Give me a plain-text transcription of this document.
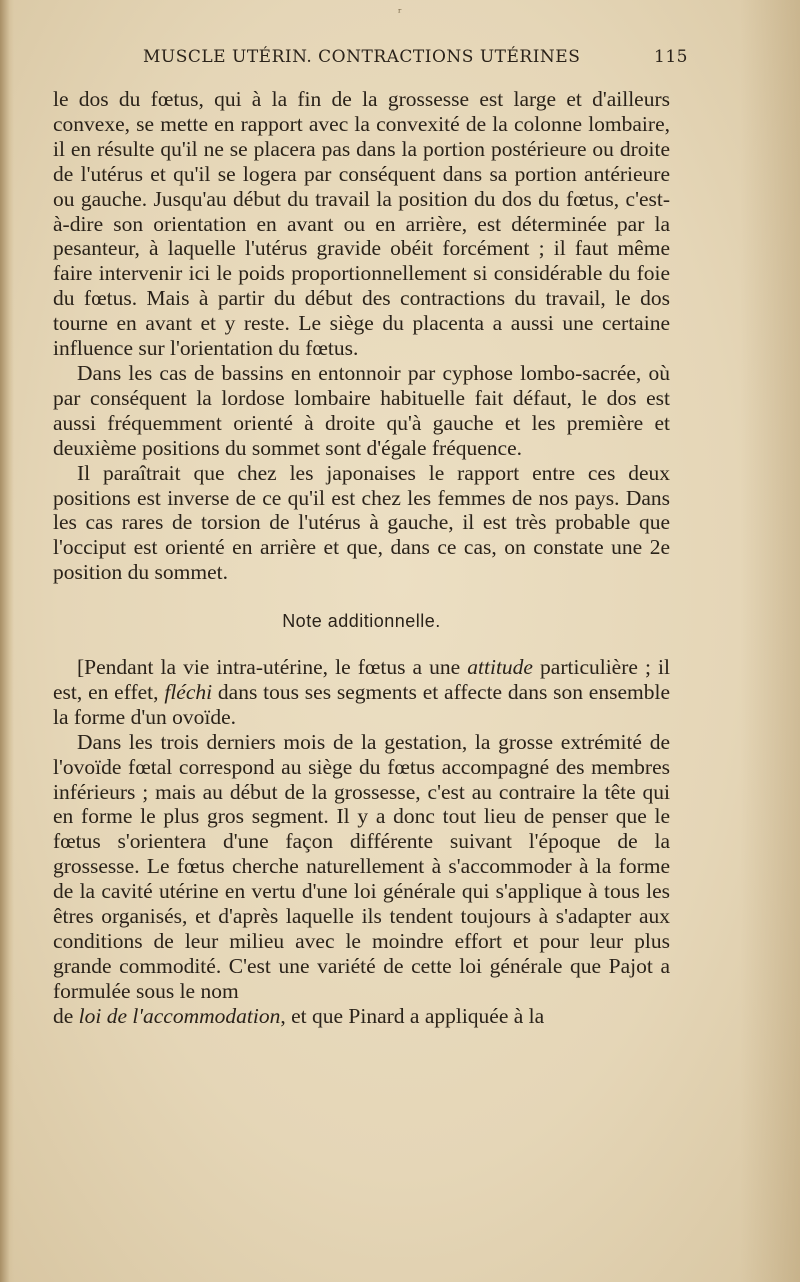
ʳ
MUSCLE UTÉRIN. CONTRACTIONS UTÉRINES	115

le dos du fœtus, qui à la fin de la grossesse est large et d'ailleurs convexe, se mette en rapport avec la convexité de la colonne lombaire, il en résulte qu'il ne se placera pas dans la portion postérieure ou droite de l'utérus et qu'il se logera par conséquent dans sa portion antérieure ou gauche. Jusqu'au début du travail la position du dos du fœtus, c'est-à-dire son orientation en avant ou en arrière, est déterminée par la pesanteur, à laquelle l'utérus gravide obéit forcément ; il faut même faire intervenir ici le poids proportionnellement si considérable du foie du fœtus. Mais à partir du début des contractions du travail, le dos tourne en avant et y reste. Le siège du placenta a aussi une certaine influence sur l'orientation du fœtus.

Dans les cas de bassins en entonnoir par cyphose lombo-sacrée, où par conséquent la lordose lombaire habituelle fait défaut, le dos est aussi fréquemment orienté à droite qu'à gauche et les première et deuxième positions du sommet sont d'égale fréquence.

Il paraîtrait que chez les japonaises le rapport entre ces deux positions est inverse de ce qu'il est chez les femmes de nos pays. Dans les cas rares de torsion de l'utérus à gauche, il est très probable que l'occiput est orienté en arrière et que, dans ce cas, on constate une 2e position du sommet.

Note additionnelle.

[Pendant la vie intra-utérine, le fœtus a une attitude particulière ; il est, en effet, fléchi dans tous ses segments et affecte dans son ensemble la forme d'un ovoïde.

Dans les trois derniers mois de la gestation, la grosse extrémité de l'ovoïde fœtal correspond au siège du fœtus accompagné des membres inférieurs ; mais au début de la grossesse, c'est au contraire la tête qui en forme le plus gros segment. Il y a donc tout lieu de penser que le fœtus s'orientera d'une façon différente suivant l'époque de la grossesse. Le fœtus cherche naturellement à s'accommoder à la forme de la cavité utérine en vertu d'une loi générale qui s'applique à tous les êtres organisés, et d'après laquelle ils tendent toujours à s'adapter aux conditions de leur milieu avec le moindre effort et pour leur plus grande commodité. C'est une variété de cette loi générale que Pajot a formulée sous le nom
de loi de l'accommodation, et que Pinard a appliquée à la
